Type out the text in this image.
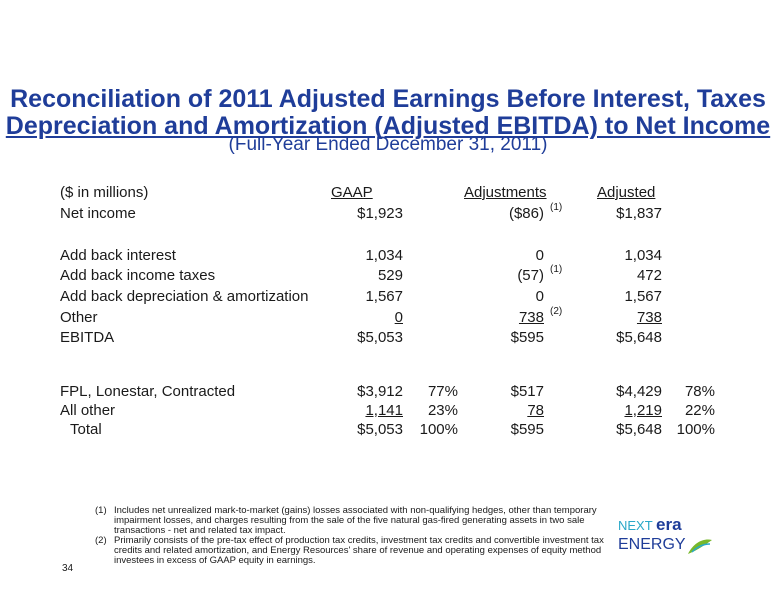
Reconciliation of 2011 Adjusted Earnings Before Interest, Taxes
Depreciation and Amortization (Adjusted EBITDA) to Net Income
(Full-Year Ended December 31, 2011)
($ in millions)	GAAP	Adjustments	Adjusted
Net income	$1,923	($86) (1)	$1,837
Add back interest	1,034	0	1,034
Add back income taxes	529	(57) (1)	472
Add back depreciation & amortization	1,567	0	1,567
Other	0	738 (2)	738
EBITDA	$5,053	$595	$5,648
FPL, Lonestar, Contracted	$3,912	77%	$517	$4,429	78%
All other	1,141	23%	78	1,219	22%
Total	$5,053	100%	$595	$5,648 100%
(1) Includes net unrealized mark-to-market (gains) losses associated with non-qualifying hedges, other than temporary
impairment losses, and charges resulting from the sale of the five natural gas-fired generating assets in two sale
transactions - net and related tax impact.
(2) Primarily consists of the pre-tax effect of production tax credits, investment tax credits and convertible investment tax
credits and related amortization, and Energy Resources' share of revenue and operating expenses of equity method
investees in excess of GAAP equity in earnings.
34
NEXT era
ENERGY
